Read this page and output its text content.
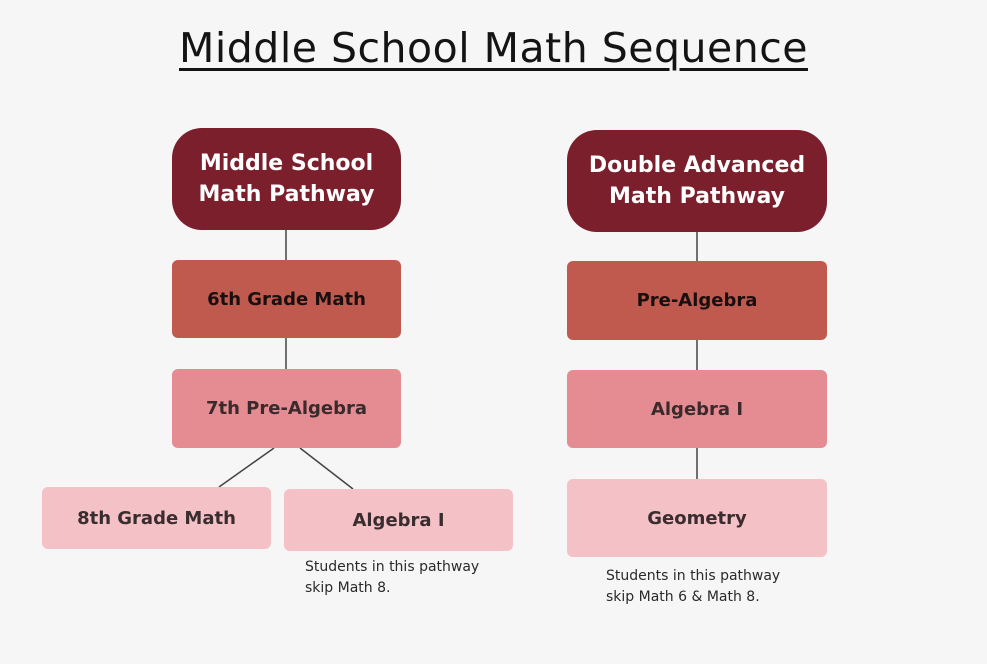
Middle School Math Sequence
Middle School
Math Pathway
6th Grade Math
7th Pre-Algebra
8th Grade Math	Algebra I
Students in this pathway
skip Math 8.
Double Advanced
Math Pathway
Pre-Algebra
Algebra I
Geometry
Students in this pathway
skip Math 6 & Math 8.
